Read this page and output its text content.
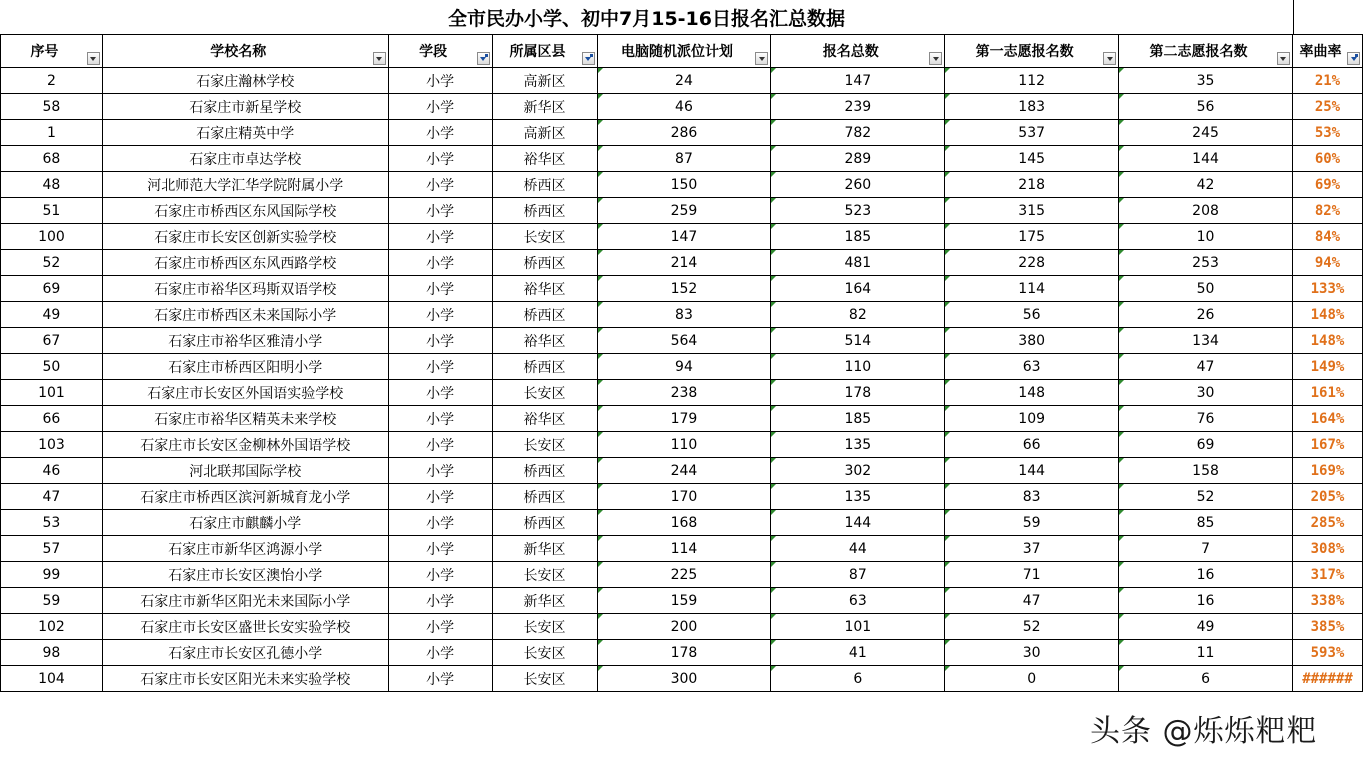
全市民办小学、初中7月15-16日报名汇总数据
序号	学校名称	学段	所属区县	电脑随机派位计划	报名总数	第一志愿报名数	第二志愿报名数	率曲率

2	石家庄瀚林学校	小学	高新区	24	147	112	35	21%
58	石家庄市新星学校	小学	新华区	46	239	183	56	25%
1	石家庄精英中学	小学	高新区	286	782	537	245	53%
68	石家庄市卓达学校	小学	裕华区	87	289	145	144	60%
48	河北师范大学汇华学院附属小学	小学	桥西区	150	260	218	42	69%
51	石家庄市桥西区东风国际学校	小学	桥西区	259	523	315	208	82%
100	石家庄市长安区创新实验学校	小学	长安区	147	185	175	10	84%
52	石家庄市桥西区东风西路学校	小学	桥西区	214	481	228	253	94%
69	石家庄市裕华区玛斯双语学校	小学	裕华区	152	164	114	50	133%
49	石家庄市桥西区未来国际小学	小学	桥西区	83	82	56	26	148%
67	石家庄市裕华区雅清小学	小学	裕华区	564	514	380	134	148%
50	石家庄市桥西区阳明小学	小学	桥西区	94	110	63	47	149%
101	石家庄市长安区外国语实验学校	小学	长安区	238	178	148	30	161%
66	石家庄市裕华区精英未来学校	小学	裕华区	179	185	109	76	164%
103	石家庄市长安区金柳林外国语学校	小学	长安区	110	135	66	69	167%
46	河北联邦国际学校	小学	桥西区	244	302	144	158	169%
47	石家庄市桥西区滨河新城育龙小学	小学	桥西区	170	135	83	52	205%
53	石家庄市麒麟小学	小学	桥西区	168	144	59	85	285%
57	石家庄市新华区鸿源小学	小学	新华区	114	44	37	7	308%
99	石家庄市长安区澳怡小学	小学	长安区	225	87	71	16	317%
59	石家庄市新华区阳光未来国际小学	小学	新华区	159	63	47	16	338%
102	石家庄市长安区盛世长安实验学校	小学	长安区	200	101	52	49	385%
98	石家庄市长安区孔德小学	小学	长安区	178	41	30	11	593%
104	石家庄市长安区阳光未来实验学校	小学	长安区	300	6	0	6	######
头条 @烁烁粑粑
